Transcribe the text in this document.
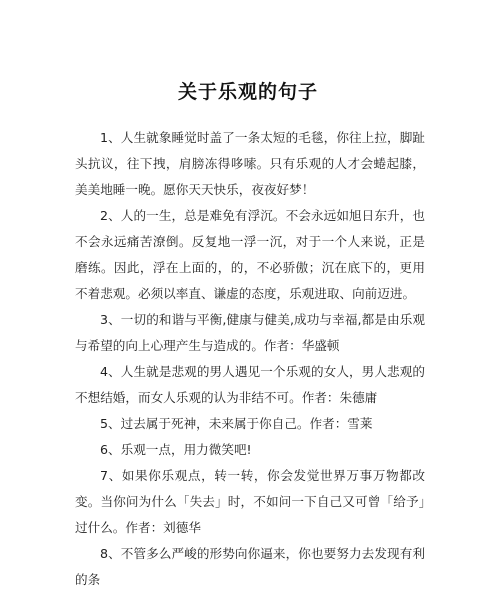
关于乐观的句子

1、人生就象睡觉时盖了一条太短的毛毯，你往上拉，脚趾头抗议，往下拽，肩膀冻得哆嗦。只有乐观的人才会蜷起膝，美美地睡一晚。愿你天天快乐，夜夜好梦！

2、人的一生，总是难免有浮沉。不会永远如旭日东升，也不会永远痛苦潦倒。反复地一浮一沉，对于一个人来说，正是磨练。因此，浮在上面的，的，不必骄傲；沉在底下的，更用不着悲观。必须以率直、谦虚的态度，乐观进取、向前迈进。

3、一切的和谐与平衡,健康与健美,成功与幸福,都是由乐观与希望的向上心理产生与造成的。作者：华盛顿

4、人生就是悲观的男人遇见一个乐观的女人，男人悲观的不想结婚，而女人乐观的认为非结不可。作者：朱德庸

5、过去属于死神，未来属于你自己。作者：雪莱

6、乐观一点，用力微笑吧!

7、如果你乐观点，转一转，你会发觉世界万事万物都改变。当你问为什么「失去」时，不如问一下自己又可曾「给予」过什么。作者：刘德华

8、不管多么严峻的形势向你逼来，你也要努力去发现有利的条
